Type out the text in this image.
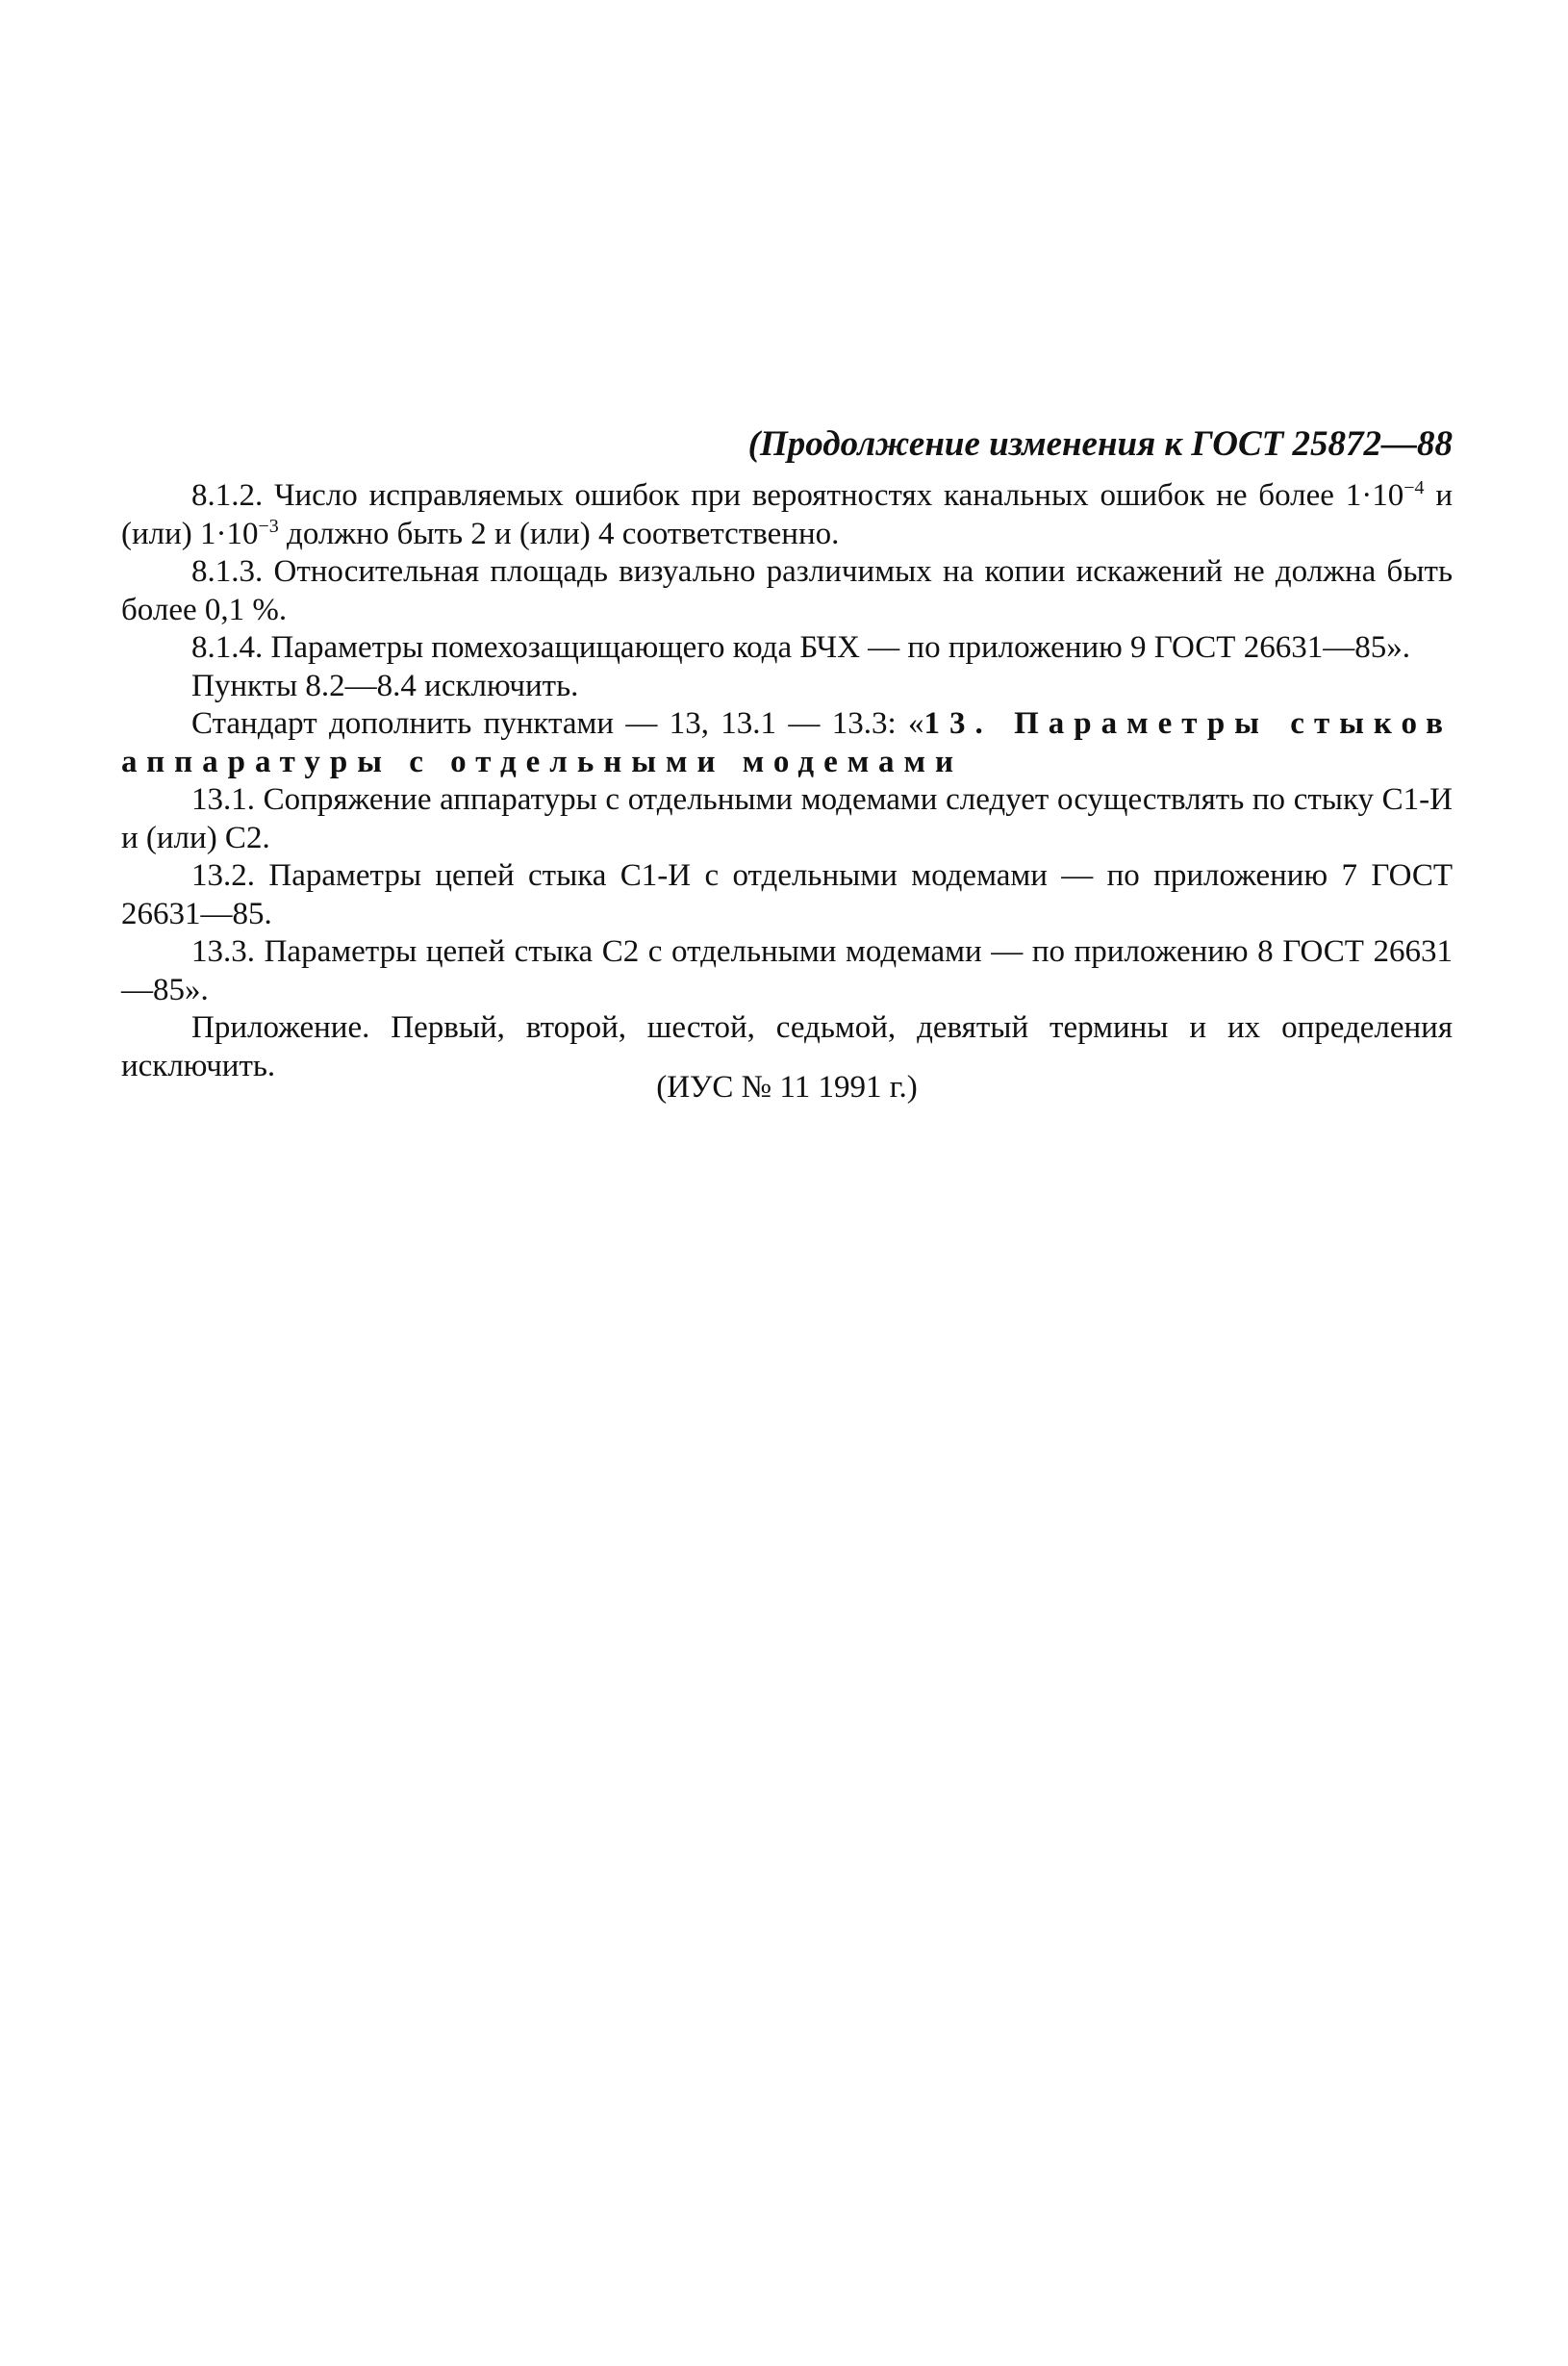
(Продолжение изменения к ГОСТ 25872—88

8.1.2. Число исправляемых ошибок при вероятностях канальных ошибок не более $1\cdot 10^{-4}$ и (или) $1\cdot 10^{-3}$ должно быть 2 и (или) 4 соответственно.

8.1.3. Относительная площадь визуально различимых на копии искажений не должна быть более 0,1 %.

8.1.4. Параметры помехозащищающего кода БЧХ — по приложению 9 ГОСТ 26631—85».

Пункты 8.2—8.4 исключить.

Стандарт дополнить пунктами — 13, 13.1 — 13.3: «13. Параметры стыков аппаратуры с отдельными модемами

13.1. Сопряжение аппаратуры с отдельными модемами следует осуществлять по стыку С1-И и (или) С2.

13.2. Параметры цепей стыка С1-И с отдельными модемами — по приложению 7 ГОСТ 26631—85.

13.3. Параметры цепей стыка С2 с отдельными модемами — по приложению 8 ГОСТ 26631—85».

Приложение. Первый, второй, шестой, седьмой, девятый термины и их определения исключить.

(ИУС № 11 1991 г.)
